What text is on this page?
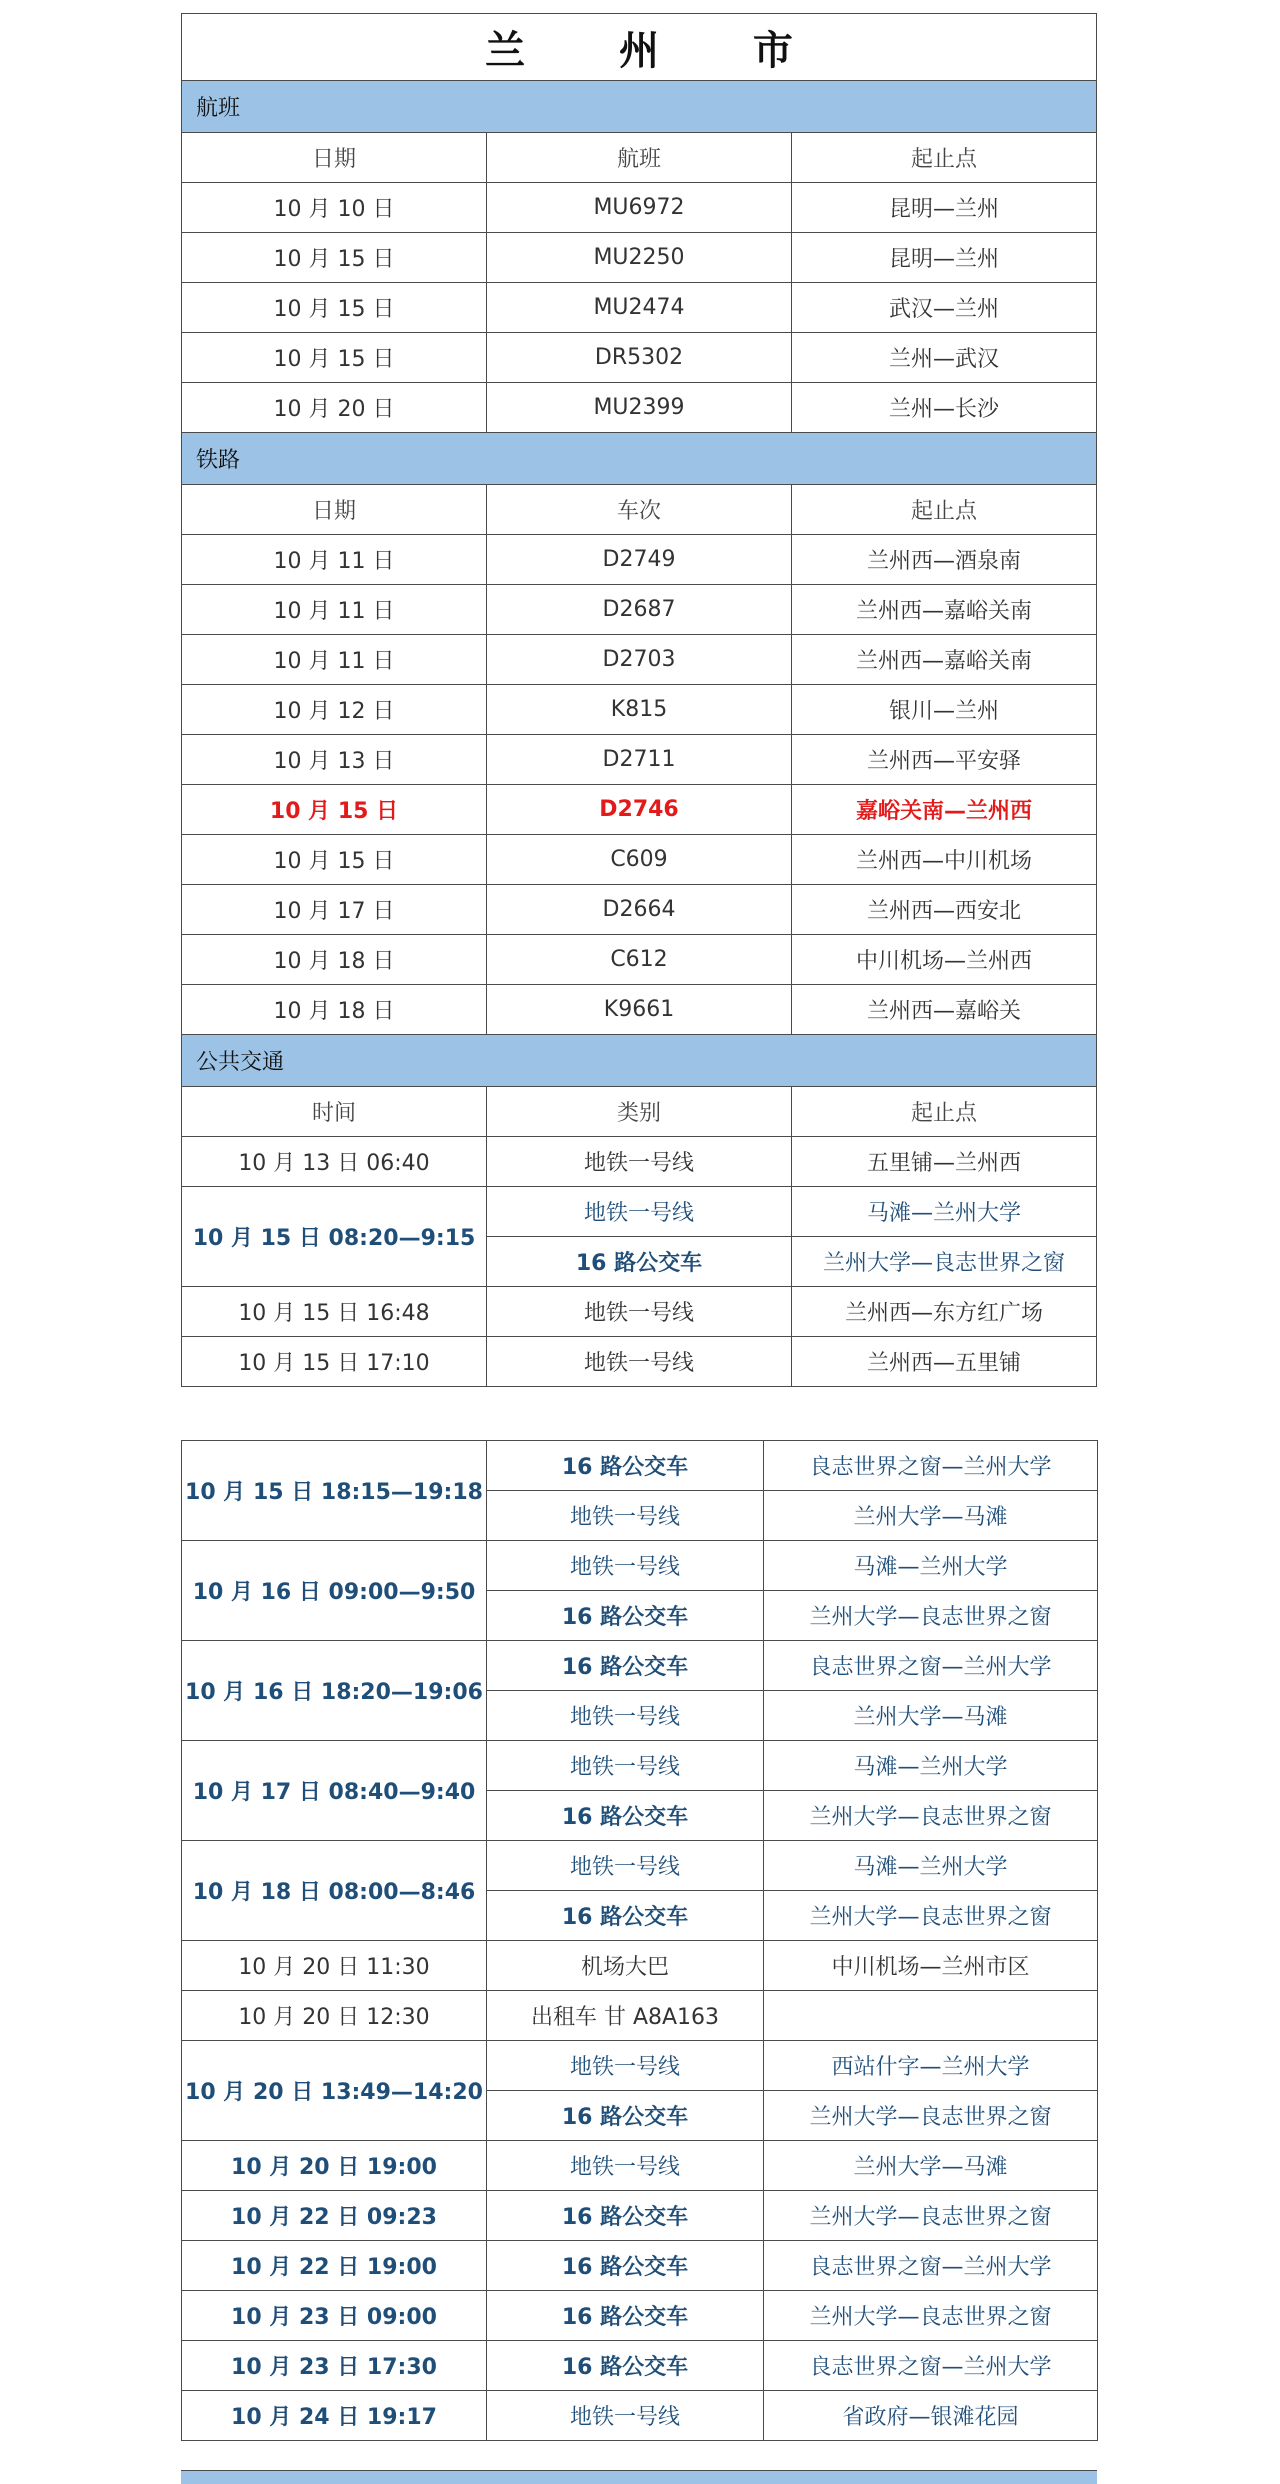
兰 州 市		
航班		
日期	航班	起止点
10 月 10 日	MU6972	昆明—兰州
10 月 15 日	MU2250	昆明—兰州
10 月 15 日	MU2474	武汉—兰州
10 月 15 日	DR5302	兰州—武汉
10 月 20 日	MU2399	兰州—长沙
铁路		
日期	车次	起止点
10 月 11 日	D2749	兰州西—酒泉南
10 月 11 日	D2687	兰州西—嘉峪关南
10 月 11 日	D2703	兰州西—嘉峪关南
10 月 12 日	K815	银川—兰州
10 月 13 日	D2711	兰州西—平安驿
10 月 15 日	D2746	嘉峪关南—兰州西
10 月 15 日	C609	兰州西—中川机场
10 月 17 日	D2664	兰州西—西安北
10 月 18 日	C612	中川机场—兰州西
10 月 18 日	K9661	兰州西—嘉峪关
公共交通		
时间	类别	起止点
10 月 13 日 06:40	地铁一号线	五里铺—兰州西
10 月 15 日 08:20—9:15	地铁一号线	马滩—兰州大学
	16 路公交车	兰州大学—良志世界之窗
10 月 15 日 16:48	地铁一号线	兰州西—东方红广场
10 月 15 日 17:10	地铁一号线	兰州西—五里铺
10 月 15 日 18:15—19:18	16 路公交车	良志世界之窗—兰州大学
	地铁一号线	兰州大学—马滩
10 月 16 日 09:00—9:50	地铁一号线	马滩—兰州大学
	16 路公交车	兰州大学—良志世界之窗
10 月 16 日 18:20—19:06	16 路公交车	良志世界之窗—兰州大学
	地铁一号线	兰州大学—马滩
10 月 17 日 08:40—9:40	地铁一号线	马滩—兰州大学
	16 路公交车	兰州大学—良志世界之窗
10 月 18 日 08:00—8:46	地铁一号线	马滩—兰州大学
	16 路公交车	兰州大学—良志世界之窗
10 月 20 日 11:30	机场大巴	中川机场—兰州市区
10 月 20 日 12:30	出租车 甘 A8A163	
10 月 20 日 13:49—14:20	地铁一号线	西站什字—兰州大学
	16 路公交车	兰州大学—良志世界之窗
10 月 20 日 19:00	地铁一号线	兰州大学—马滩
10 月 22 日 09:23	16 路公交车	兰州大学—良志世界之窗
10 月 22 日 19:00	16 路公交车	良志世界之窗—兰州大学
10 月 23 日 09:00	16 路公交车	兰州大学—良志世界之窗
10 月 23 日 17:30	16 路公交车	良志世界之窗—兰州大学
10 月 24 日 19:17	地铁一号线	省政府—银滩花园
